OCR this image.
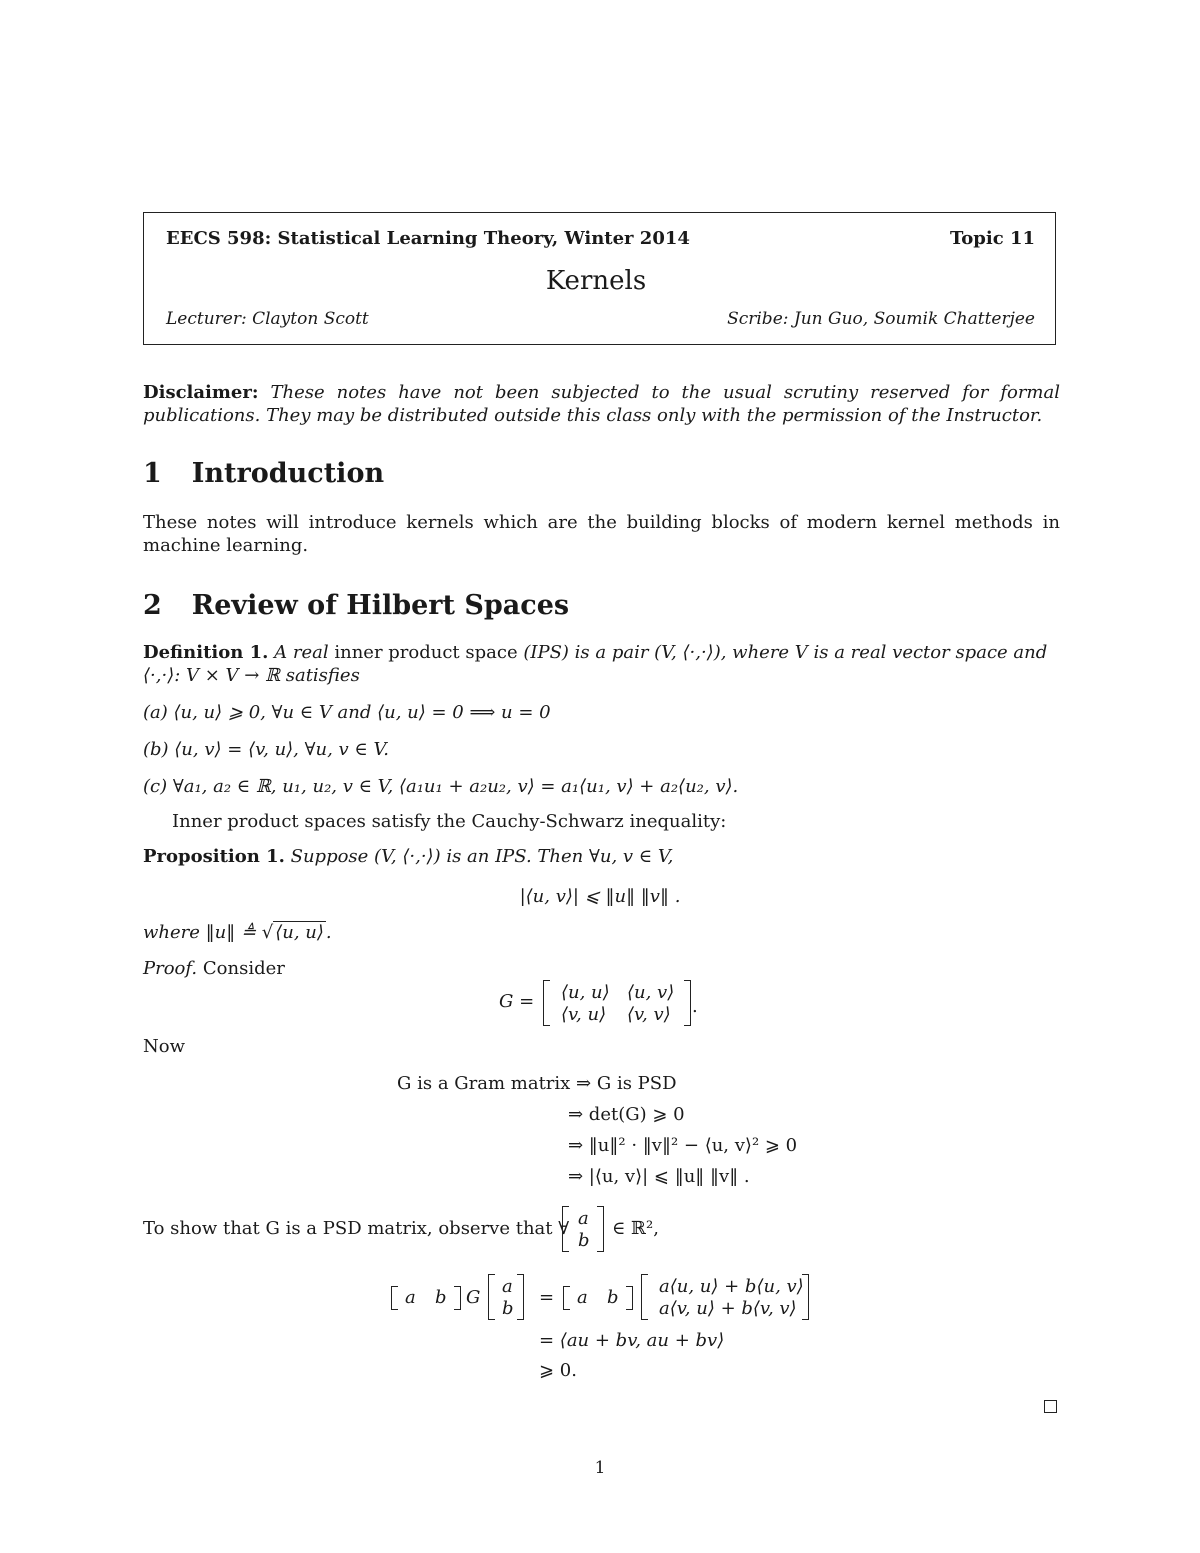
EECS 598: Statistical Learning Theory, Winter 2014	Topic 11
Kernels
Lecturer: Clayton Scott	Scribe: Jun Guo, Soumik Chatterjee
Disclaimer: These notes have not been subjected to the usual scrutiny reserved for formal publications. They may be distributed outside this class only with the permission of the Instructor.
1 Introduction
These notes will introduce kernels which are the building blocks of modern kernel methods in machine learning.
2 Review of Hilbert Spaces
Definition 1. A real inner product space (IPS) is a pair (V, ⟨·,·⟩), where V is a real vector space and
⟨·,·⟩: V × V → ℝ satisfies
(a) ⟨u, u⟩ ⩾ 0, ∀u ∈ V and ⟨u, u⟩ = 0 ⟹ u = 0
(b) ⟨u, v⟩ = ⟨v, u⟩, ∀u, v ∈ V.
(c) ∀a₁, a₂ ∈ ℝ, u₁, u₂, v ∈ V, ⟨a₁u₁ + a₂u₂, v⟩ = a₁⟨u₁, v⟩ + a₂⟨u₂, v⟩.
Inner product spaces satisfy the Cauchy-Schwarz inequality:
Proposition 1. Suppose (V, ⟨·,·⟩) is an IPS. Then ∀u, v ∈ V,
|⟨u, v⟩| ⩽ ‖u‖ ‖v‖ .
where ‖u‖ ≜ √ ⟨u, u⟩ .
Proof. Consider
G = ⟨u, u⟩ ⟨u, v⟩
⟨v, u⟩ ⟨v, v⟩ .
Now
G is a Gram matrix ⇒ G is PSD
⇒ det(G) ⩾ 0
⇒ ‖u‖² · ‖v‖² − ⟨u, v⟩² ⩾ 0
⇒ |⟨u, v⟩| ⩽ ‖u‖ ‖v‖ .
To show that G is a PSD matrix, observe that ∀ a
b
∈ ℝ²,
a b G
a
b
= a b
a⟨u, u⟩ + b⟨u, v⟩
a⟨v, u⟩ + b⟨v, v⟩
= ⟨au + bv, au + bv⟩
⩾ 0.
1
